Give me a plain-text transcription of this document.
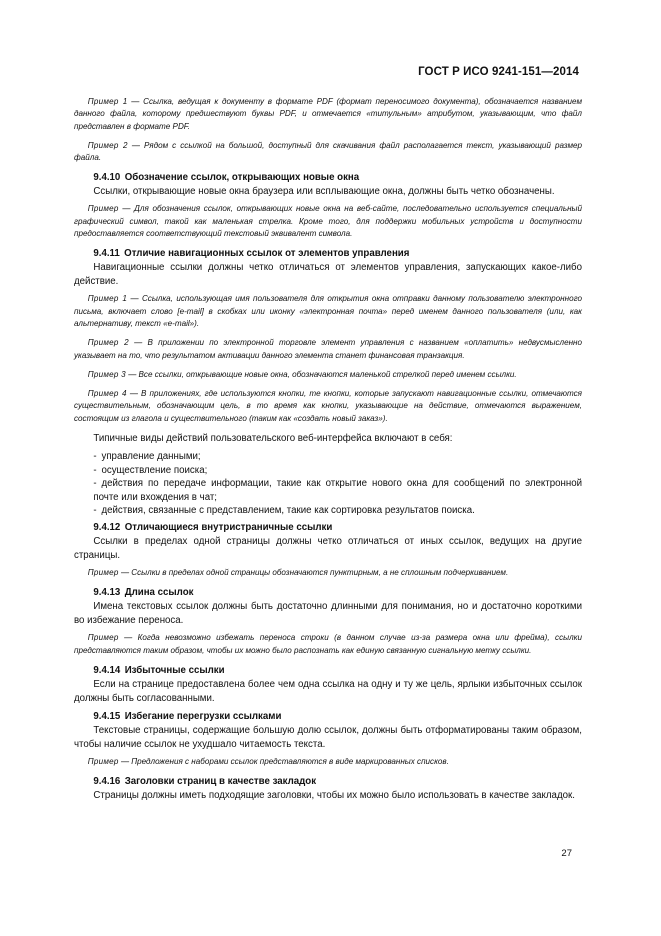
ГОСТ Р ИСО 9241-151—2014

Пример 1 — Ссылка, ведущая к документу в формате PDF (формат переносимого документа), обозначается названием данного файла, которому предшествуют буквы PDF, и отмечается «титульным» атрибутом, указывающим, что файл представлен в формате PDF.

Пример 2 — Рядом с ссылкой на большой, доступный для скачивания файл располагается текст, указывающий размер файла.

9.4.10 Обозначение ссылок, открывающих новые окна

Ссылки, открывающие новые окна браузера или всплывающие окна, должны быть четко обозначены.

Пример — Для обозначения ссылок, открывающих новые окна на веб-сайте, последовательно используется специальный графический символ, такой как маленькая стрелка. Кроме того, для поддержки мобильных устройств и доступности предоставляется соответствующий текстовый эквивалент символа.

9.4.11 Отличие навигационных ссылок от элементов управления

Навигационные ссылки должны четко отличаться от элементов управления, запускающих какое-либо действие.

Пример 1 — Ссылка, использующая имя пользователя для открытия окна отправки данному пользователю электронного письма, включает слово [e-mail] в скобках или иконку «электронная почта» перед именем данного пользователя (или, как альтернативу, текст «e-mail»).

Пример 2 — В приложении по электронной торговле элемент управления с названием «оплатить» недвусмысленно указывает на то, что результатом активации данного элемента станет финансовая транзакция.

Пример 3 — Все ссылки, открывающие новые окна, обозначаются маленькой стрелкой перед именем ссылки.

Пример 4 — В приложениях, где используются кнопки, те кнопки, которые запускают навигационные ссылки, отмечаются существительным, обозначающим цель, в то время как кнопки, указывающие на действие, отмечаются выражением, состоящим из глагола и существительного (таким как «создать новый заказ»).

Типичные виды действий пользовательского веб-интерфейса включают в себя:

- управление данными;
- осуществление поиска;
- действия по передаче информации, такие как открытие нового окна для сообщений по электронной почте или вхождения в чат;
- действия, связанные с представлением, такие как сортировка результатов поиска.
9.4.12 Отличающиеся внутристраничные ссылки

Ссылки в пределах одной страницы должны четко отличаться от иных ссылок, ведущих на другие страницы.

Пример — Ссылки в пределах одной страницы обозначаются пунктирным, а не сплошным подчеркиванием.

9.4.13 Длина ссылок

Имена текстовых ссылок должны быть достаточно длинными для понимания, но и достаточно короткими во избежание переноса.

Пример — Когда невозможно избежать переноса строки (в данном случае из-за размера окна или фрейма), ссылки представляются таким образом, чтобы их можно было распознать как единую связанную сигнальную метку ссылки.

9.4.14 Избыточные ссылки

Если на странице предоставлена более чем одна ссылка на одну и ту же цель, ярлыки избыточных ссылок должны быть согласованными.

9.4.15 Избегание перегрузки ссылками

Текстовые страницы, содержащие большую долю ссылок, должны быть отформатированы таким образом, чтобы наличие ссылок не ухудшало читаемость текста.

Пример — Предложения с наборами ссылок представляются в виде маркированных списков.

9.4.16 Заголовки страниц в качестве закладок

Страницы должны иметь подходящие заголовки, чтобы их можно было использовать в качестве закладок.

27
